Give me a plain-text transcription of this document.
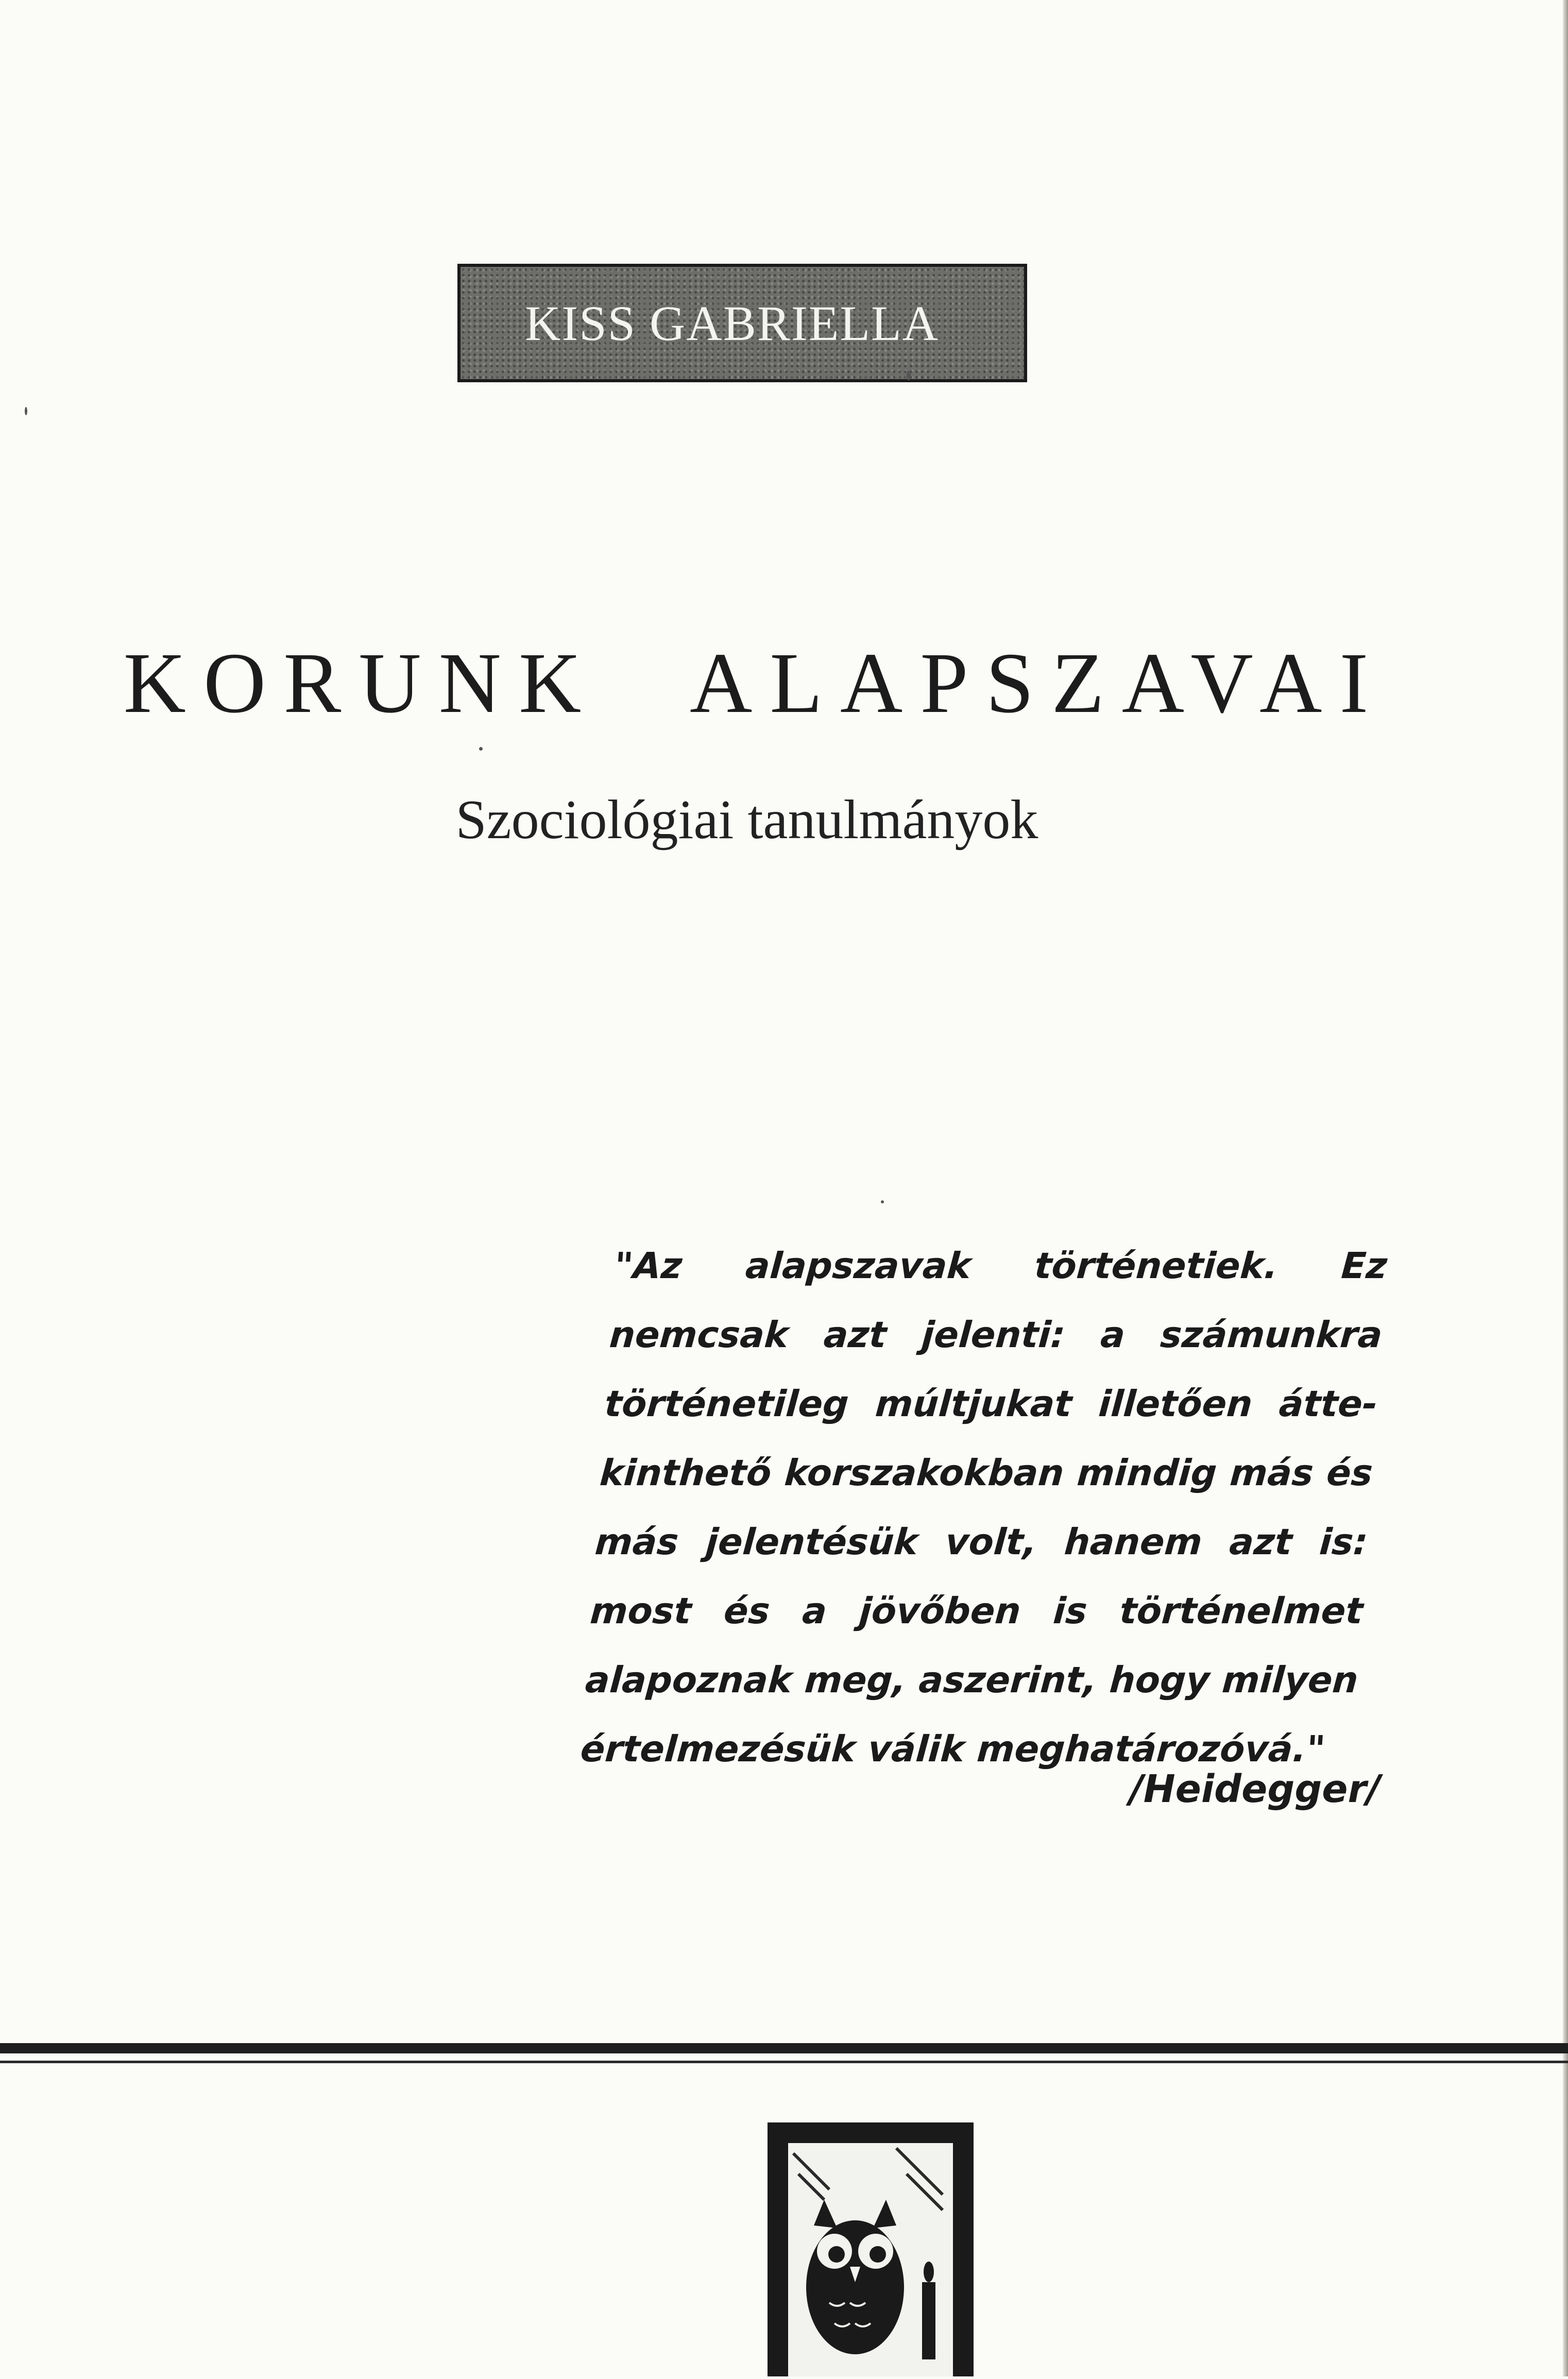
KISS GABRIELLA
KORUNK ALAPSZAVAI
Szociológiai tanulmányok
"Az alapszavak történetiek. Ez nemcsak azt jelenti: a számunkra történetileg múltjukat illetően átte-kinthető korszakokban mindig más és más jelentésük volt, hanem azt is: most és a jövőben is történelmet alapoznak meg, aszerint, hogy milyen értelmezésük válik meghatározóvá."
/Heidegger/
